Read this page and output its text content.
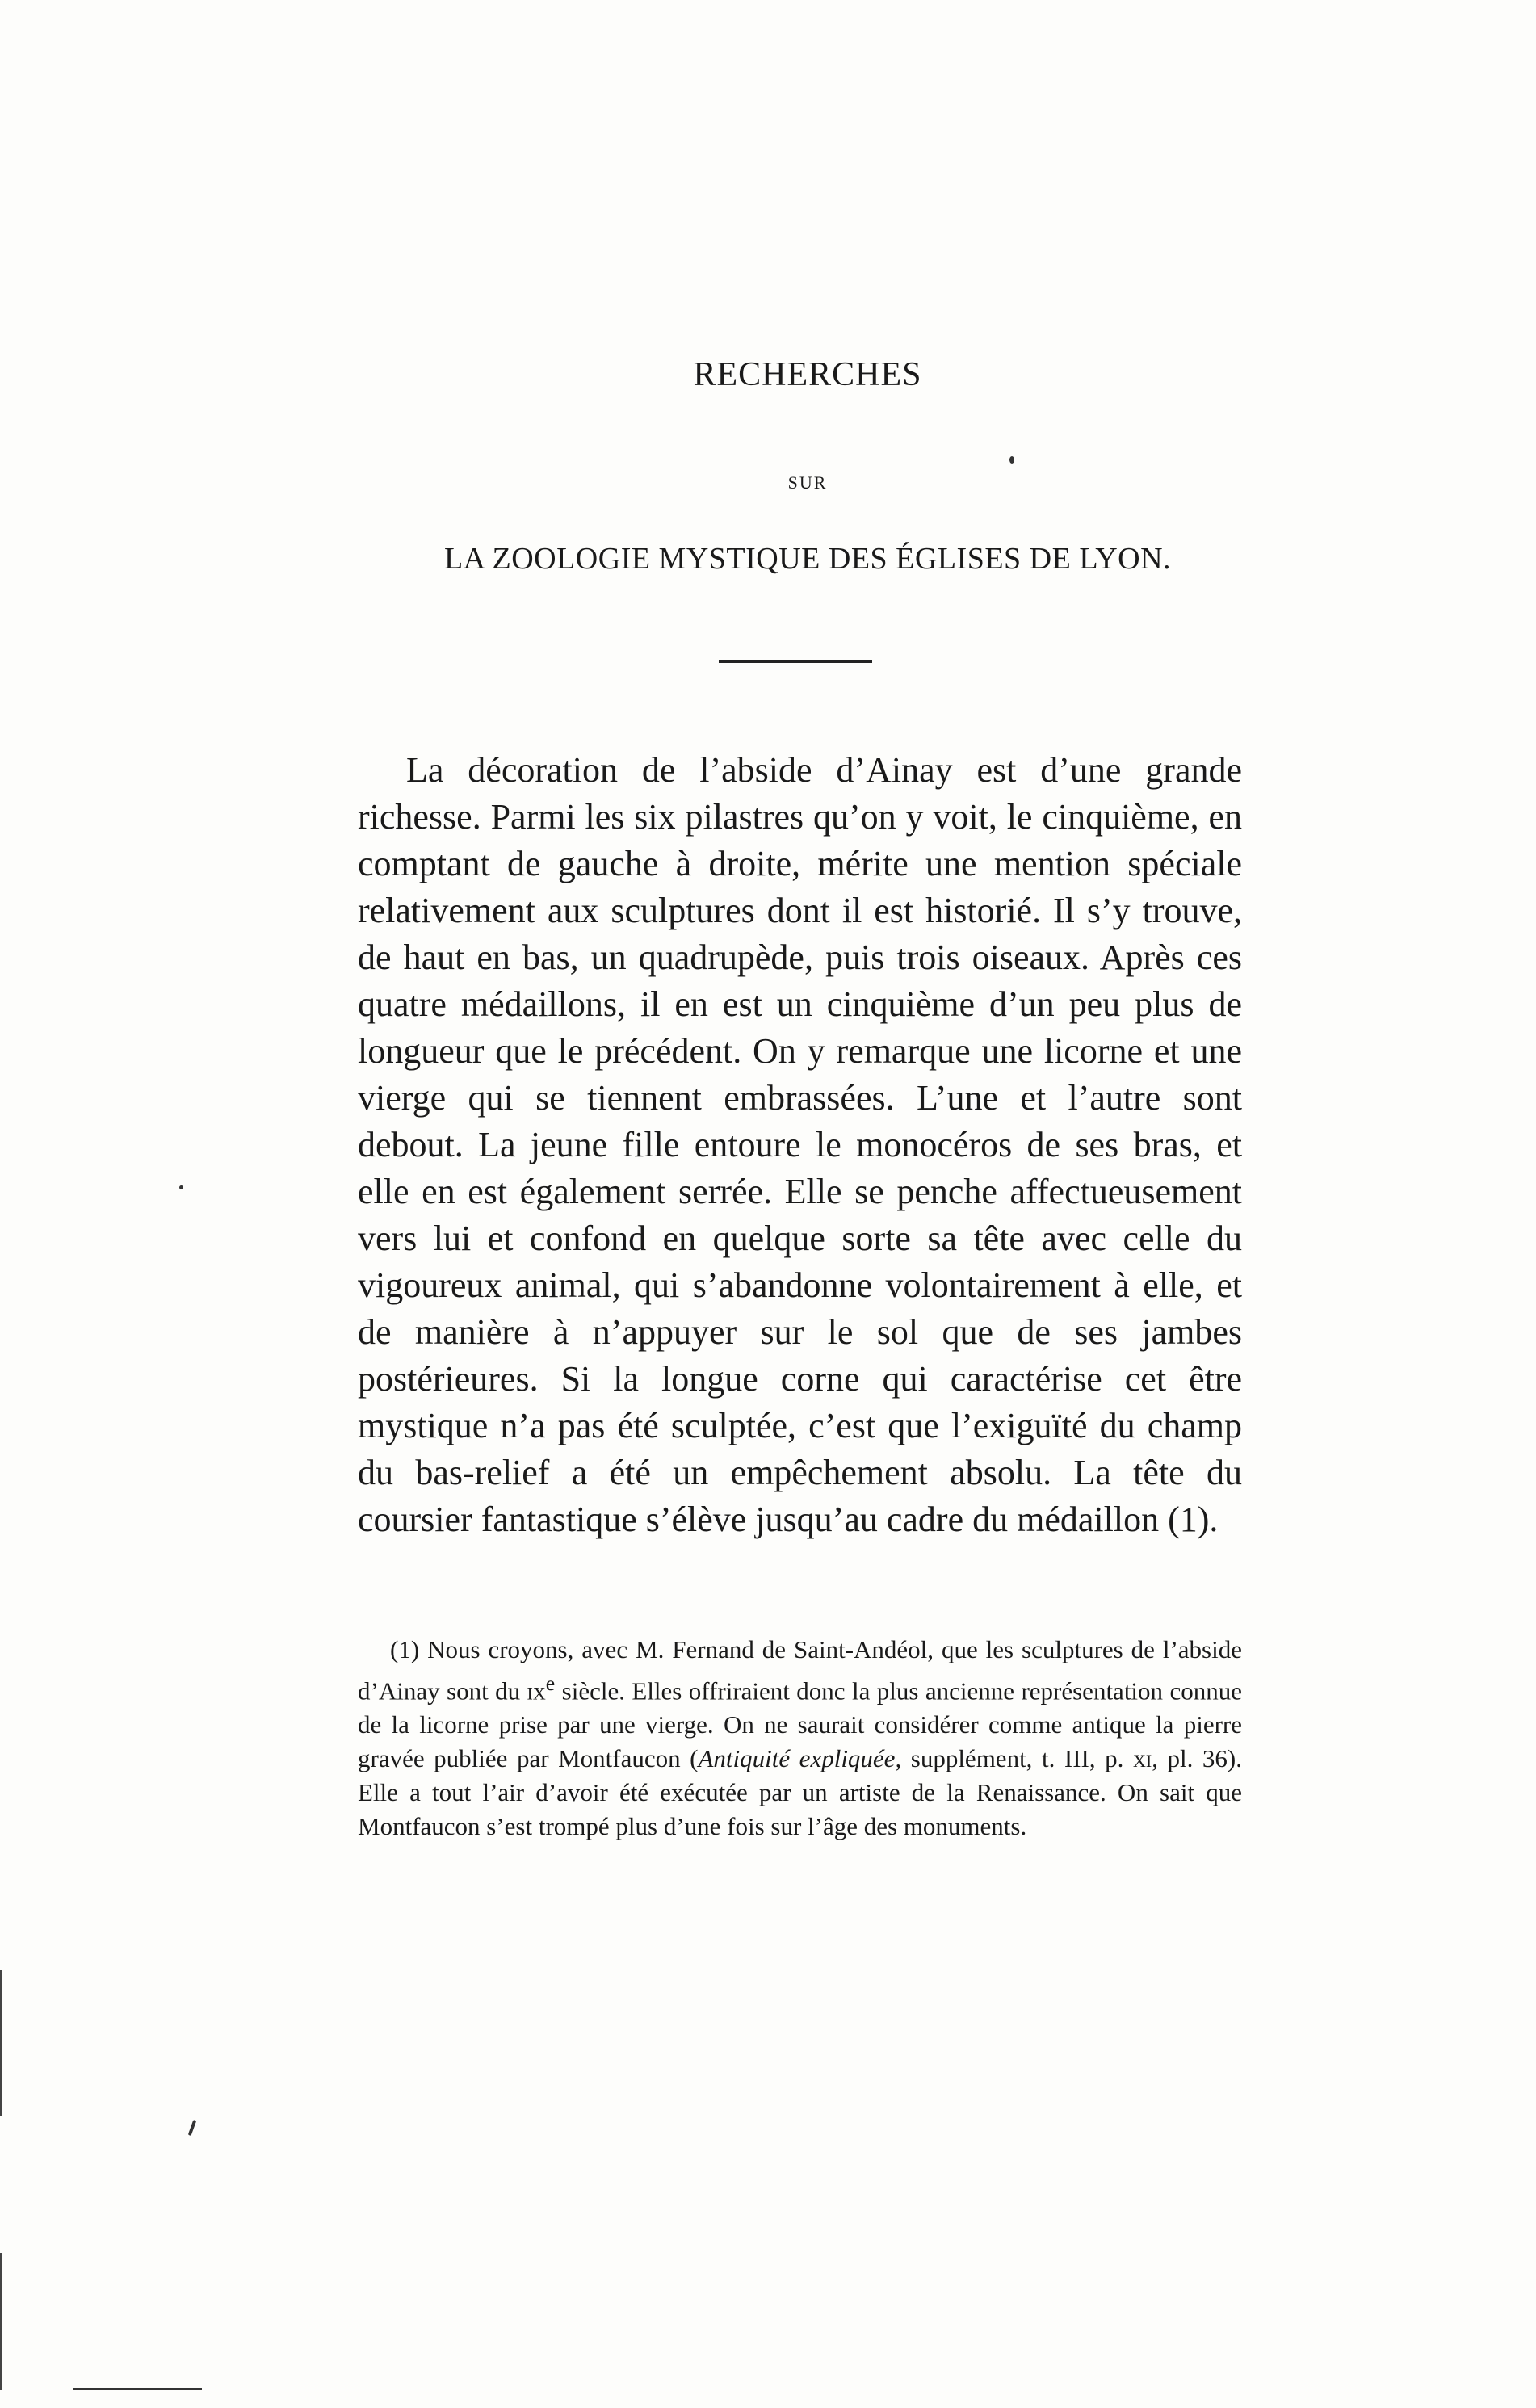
RECHERCHES
SUR
LA ZOOLOGIE MYSTIQUE DES ÉGLISES DE LYON.

La décoration de l’abside d’Ainay est d’une grande richesse. Parmi les six pilastres qu’on y voit, le cinquième, en comptant de gauche à droite, mérite une mention spéciale relativement aux sculptures dont il est historié. Il s’y trouve, de haut en bas, un quadrupède, puis trois oiseaux. Après ces quatre médaillons, il en est un cinquième d’un peu plus de longueur que le précédent. On y remarque une licorne et une vierge qui se tiennent embrassées. L’une et l’autre sont debout. La jeune fille entoure le monocéros de ses bras, et elle en est également serrée. Elle se penche affectueusement vers lui et confond en quelque sorte sa tête avec celle du vigoureux animal, qui s’abandonne volontairement à elle, et de manière à n’appuyer sur le sol que de ses jambes postérieures. Si la longue corne qui caractérise cet être mystique n’a pas été sculptée, c’est que l’exiguïté du champ du bas-relief a été un empêchement absolu. La tête du coursier fantastique s’élève jusqu’au cadre du médaillon (1).

(1) Nous croyons, avec M. Fernand de Saint-Andéol, que les sculptures de l’abside d’Ainay sont du $ix^e$ siècle. Elles offriraient donc la plus ancienne représentation connue de la licorne prise par une vierge. On ne saurait considérer comme antique la pierre gravée publiée par Montfaucon (Antiquité expliquée, supplément, t. III, p. xi, pl. 36). Elle a tout l’air d’avoir été exécutée par un artiste de la Renaissance. On sait que Montfaucon s’est trompé plus d’une fois sur l’âge des monuments.
